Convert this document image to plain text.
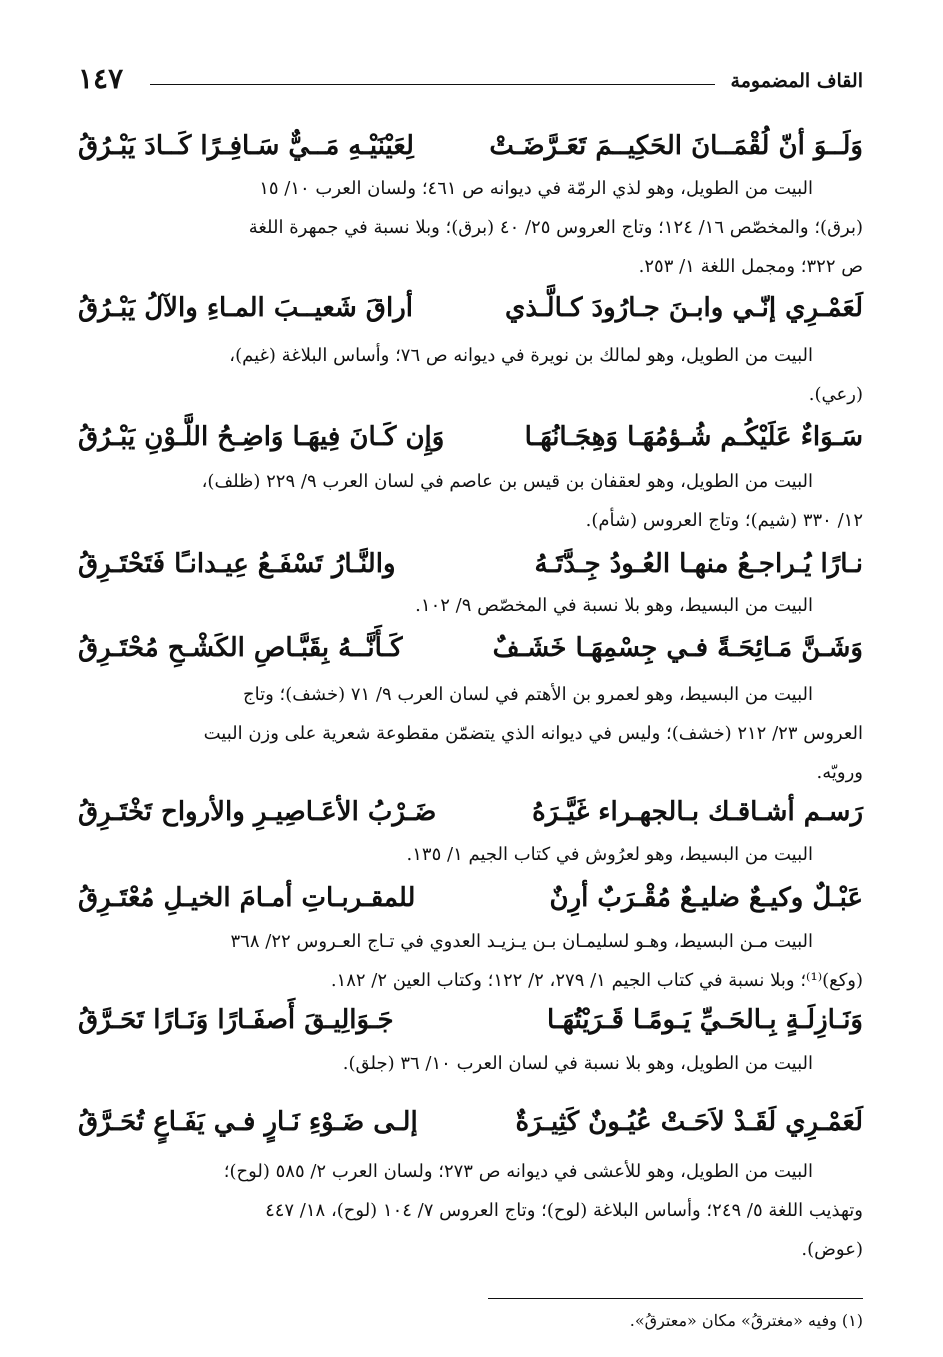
١٤٧	القاف المضمومة
وَلَــوَ أنّ لُقْمَــانَ الحَكِيــمَ تَعَـرَّضَـتْ
لِعَيْنَيْـهِ مَــيٌّ سَـافِـرًا كَــادَ يَبْـرُقُ
البيت من الطويل، وهو لذي الرمّة في ديوانه ص ٤٦١؛ ولسان العرب ١٠/ ١٥
(برق)؛ والمخصّص ١٦/ ١٢٤؛ وتاج العروس ٢٥/ ٤٠ (برق)؛ وبلا نسبة في جمهرة اللغة
ص ٣٢٢؛ ومجمل اللغة ١/ ٢٥٣.
لَعَمْـرِي إنّـي وابـنَ جـارُودَ كـالَّـذي
أراقَ شَعيــبَ المـاءِ والآلُ يَبْـرُقُ
البيت من الطويل، وهو لمالك بن نويرة في ديوانه ص ٧٦؛ وأساس البلاغة (غيم)،
(رعي).
سَـوَاءٌ عَلَيْكُـم شُـؤمُهَـا وَهِجَـانُهَـا
وَإِن كَـانَ فِيهَـا وَاضِـحُ اللَّـوْنِ يَبْـرُقُ
البيت من الطويل، وهو لعقفان بن قيس بن عاصم في لسان العرب ٩/ ٢٢٩ (ظلف)،
١٢/ ٣٣٠ (شيم)؛ وتاج العروس (شأم).
نـارًا يُـراجـعُ منهـا العُـودُ جِـدَّتَـهُ
والنَّـارُ تَسْفَـعُ عِيـدانـًا فَتَحْتَـرِقُ
البيت من البسيط، وهو بلا نسبة في المخصّص ٩/ ١٠٢.
وَشَـنَّ مَـائِحَـةً فـي جِسْمِهَـا خَشَـفٌ
كَـأَنَّــهُ بِقَبَّـاصِ الكَشْـحِ مُحْتَـرِقُ
البيت من البسيط، وهو لعمرو بن الأهتم في لسان العرب ٩/ ٧١ (خشف)؛ وتاج
العروس ٢٣/ ٢١٢ (خشف)؛ وليس في ديوانه الذي يتضمّن مقطوعة شعرية على وزن البيت
ورويّه.
رَسـم أشـاقـك بـالجهـراء غَيَّـرَهُ
ضَـرْبُ الأعَـاصِيـرِ والأرواح تَخْتَـرِقُ
البيت من البسيط، وهو لعرُوش في كتاب الجيم ١/ ١٣٥.
عَبْـلٌ وكيـعٌ ضليـعٌ مُقْـرَبٌ أرِنٌ
للمقـربـاتِ أمـامَ الخيـلِ مُعْتَـرِقُ
البيت مـن البسيط، وهـو لسليمـان بـن يـزيـد العدوي في تـاج العـروس ٢٢/ ٣٦٨
(وكع)⁽¹⁾؛ وبلا نسبة في كتاب الجيم ١/ ٢٧٩، ٢/ ١٢٢؛ وكتاب العين ٢/ ١٨٢.
وَنَـازِلَـةٍ بِـالحَـيِّ يَـومًـا قَـرَيْتُهَـا
جَـوَالِيـقَ أَصفَـارًا وَنَـارًا تَحَـرَّقُ
البيت من الطويل، وهو بلا نسبة في لسان العرب ١٠/ ٣٦ (جلق).
لَعَمْـرِي لَقَـدْ لاَحَـتْ عُيُـونٌ كَثِيـرَةٌ
إلـى ضَـوْءِ نَـارٍ فـي يَفَـاعٍ تُحَـرَّقُ
البيت من الطويل، وهو للأعشى في ديوانه ص ٢٧٣؛ ولسان العرب ٢/ ٥٨٥ (لوح)؛
وتهذيب اللغة ٥/ ٢٤٩؛ وأساس البلاغة (لوح)؛ وتاج العروس ٧/ ١٠٤ (لوح)، ١٨/ ٤٤٧
(عوض).
(١) وفيه «مغترقُ» مكان «معترقُ».
